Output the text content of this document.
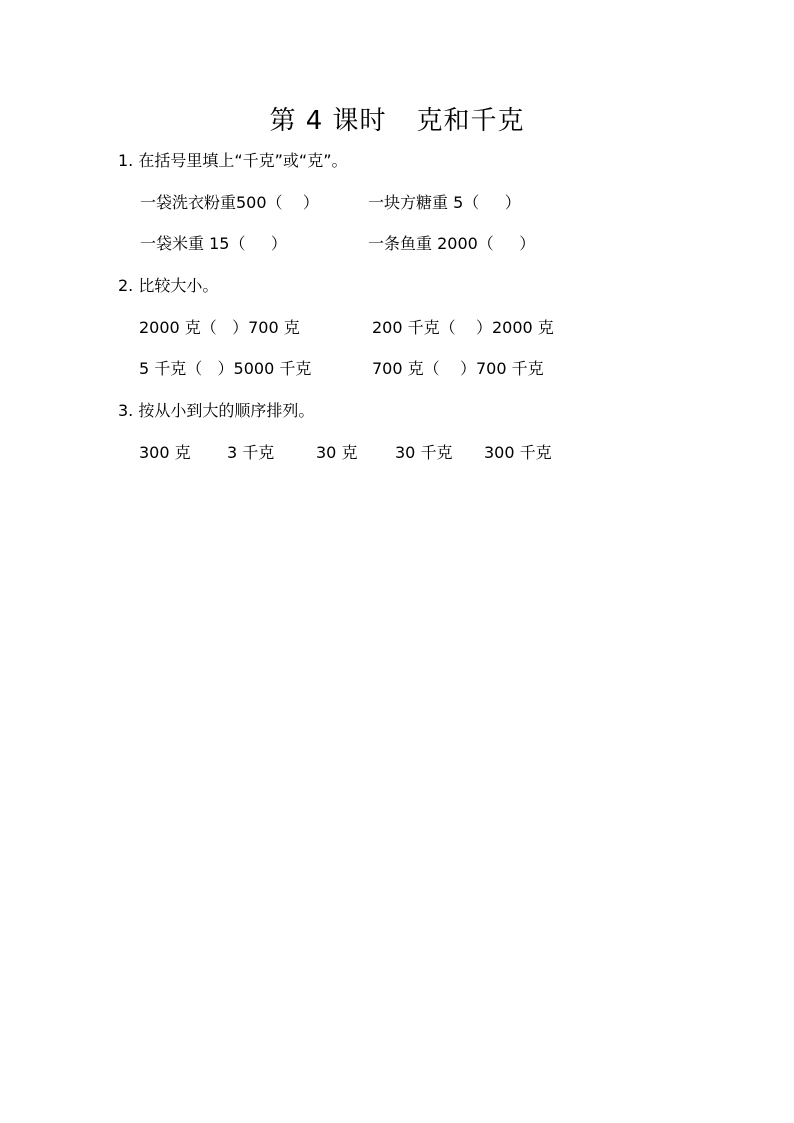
第 4 课时 克和千克
1. 在括号里填上“千克”或“克”。
一袋洗衣粉重500（ ）	一块方糖重 5（ ）
一袋米重 15（ ）	一条鱼重 2000（ ）
2. 比较大小。
2000 克（ ）700 克	200 千克（ ）2000 克
5 千克（ ）5000 千克	700 克（ ）700 千克
3. 按从小到大的顺序排列。
300 克 3 千克	30 克 30 千克 300 千克
